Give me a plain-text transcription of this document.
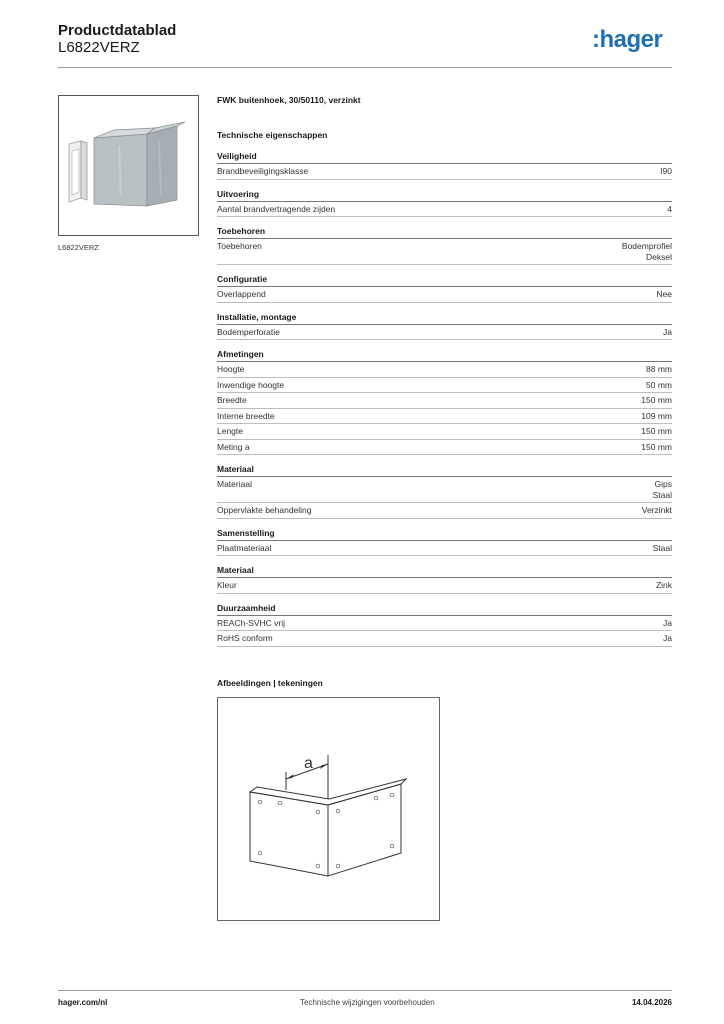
Productdatablad
L6822VERZ	:hager
L6822VERZ
FWK buitenhoek, 30/50110, verzinkt
Technische eigenschappen
Veiligheid
Brandbeveiligingsklasse	I90
Uitvoering
Aantal brandvertragende zijden	4
Toebehoren
Toebehoren	Bodemprofiel
Deksel
Configuratie
Overlappend	Nee
Installatie, montage
Bodemperforatie	Ja
Afmetingen
Hoogte	88 mm
Inwendige hoogte	50 mm
Breedte	150 mm
Interne breedte	109 mm
Lengte	150 mm
Meting a	150 mm
Materiaal
Materiaal	Gips
Staal
Oppervlakte behandeling	Verzinkt
Samenstelling
Plaatmateriaal	Staal
Materiaal
Kleur	Zink
Duurzaamheid
REACh-SVHC vrij	Ja
RoHS conform	Ja
Afbeeldingen | tekeningen
a
hager.com/nl	Technische wijzigingen voorbehouden	14.04.2026
